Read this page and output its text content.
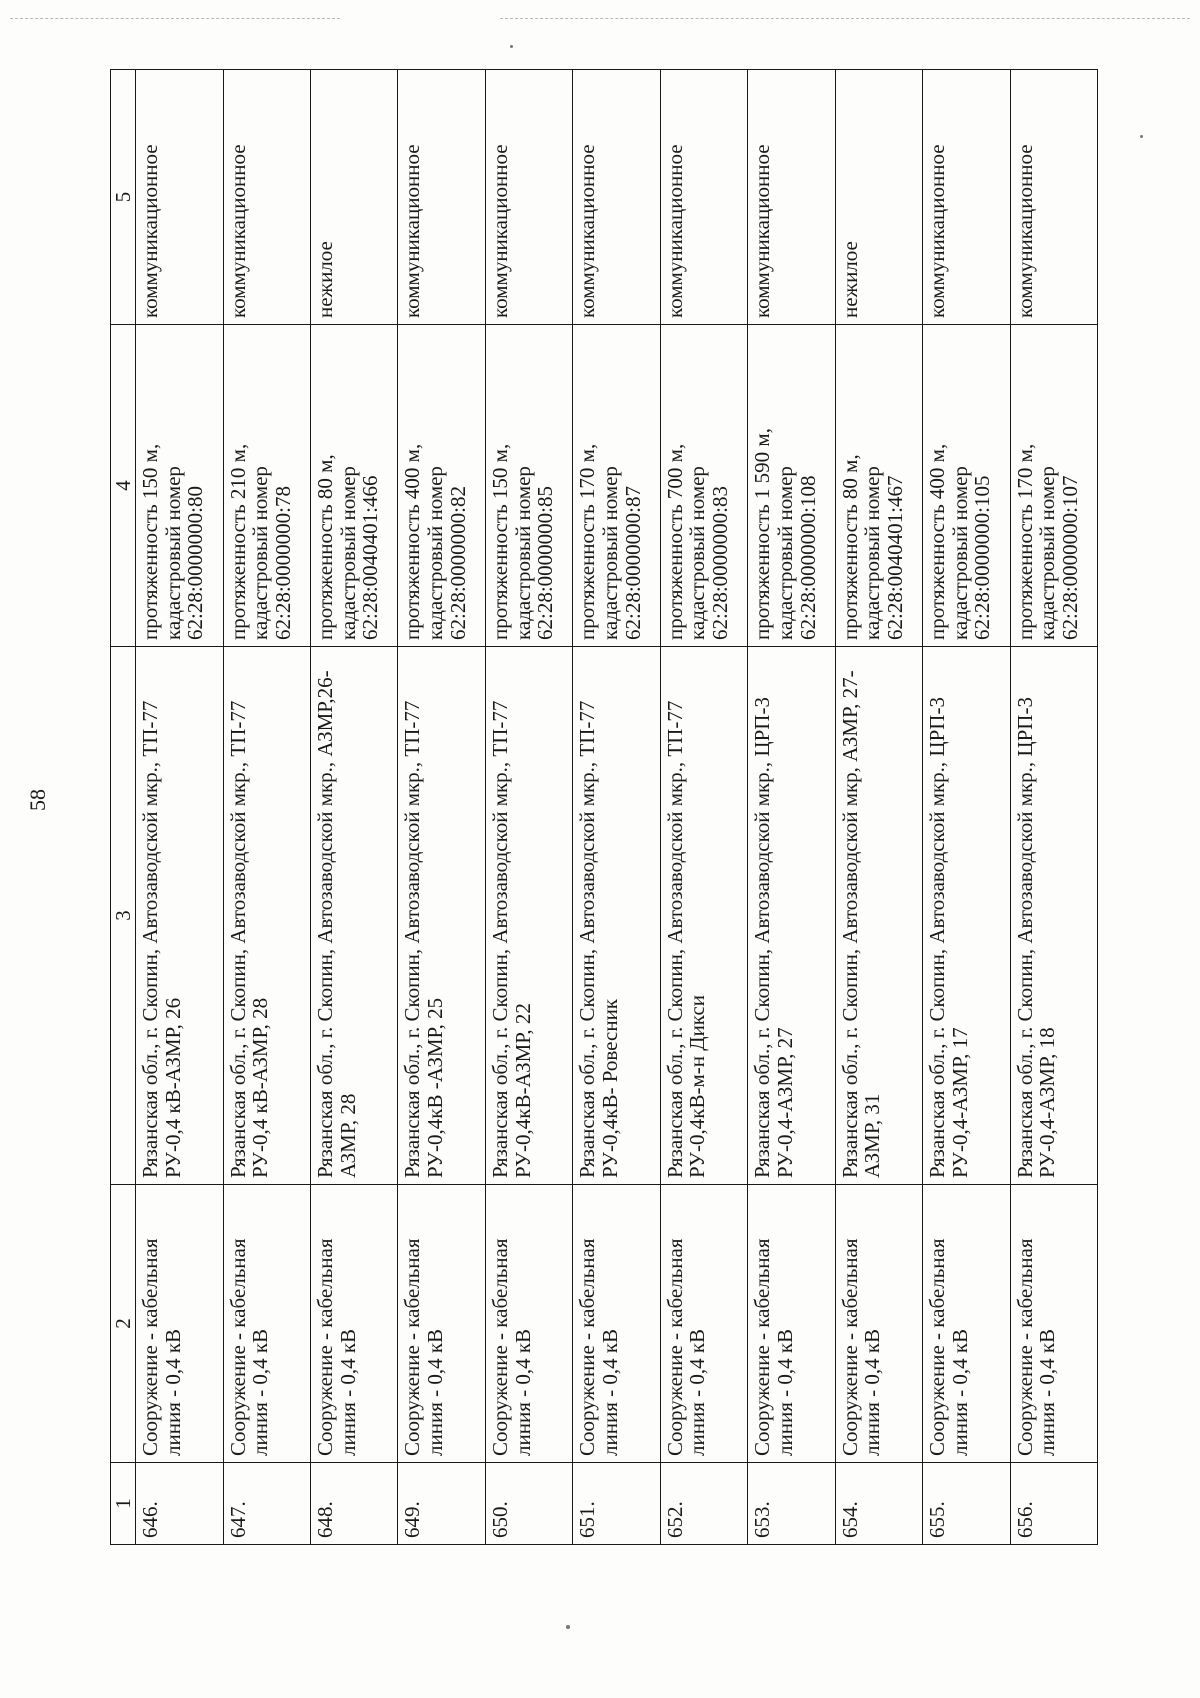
58
1	2	3	4	5
646.	Сооружение - кабельная линия - 0,4 кВ	Рязанская обл., г. Скопин, Автозаводской мкр., ТП-77 РУ-0,4 кВ-АЗМР, 26	протяженность 150 м,
кадастровый номер
62:28:0000000:80	коммуникационное
647.	Сооружение - кабельная линия - 0,4 кВ	Рязанская обл., г. Скопин, Автозаводской мкр., ТП-77 РУ-0,4 кВ-АЗМР, 28	протяженность 210 м,
кадастровый номер
62:28:0000000:78	коммуникационное
648.	Сооружение - кабельная линия - 0,4 кВ	Рязанская обл., г. Скопин, Автозаводской мкр., АЗМР,26-АЗМР, 28	протяженность 80 м,
кадастровый номер
62:28:0040401:466	нежилое
649.	Сооружение - кабельная линия - 0,4 кВ	Рязанская обл., г. Скопин, Автозаводской мкр., ТП-77 РУ-0,4кВ -АЗМР, 25	протяженность 400 м,
кадастровый номер
62:28:0000000:82	коммуникационное
650.	Сооружение - кабельная линия - 0,4 кВ	Рязанская обл., г. Скопин, Автозаводской мкр., ТП-77 РУ-0,4кВ-АЗМР, 22	протяженность 150 м,
кадастровый номер
62:28:0000000:85	коммуникационное
651.	Сооружение - кабельная линия - 0,4 кВ	Рязанская обл., г. Скопин, Автозаводской мкр., ТП-77 РУ-0,4кВ- Ровесник	протяженность 170 м,
кадастровый номер
62:28:0000000:87	коммуникационное
652.	Сооружение - кабельная линия - 0,4 кВ	Рязанская обл., г. Скопин, Автозаводской мкр., ТП-77 РУ-0,4кВ-м-н Дикси	протяженность 700 м,
кадастровый номер
62:28:0000000:83	коммуникационное
653.	Сооружение - кабельная линия - 0,4 кВ	Рязанская обл., г. Скопин, Автозаводской мкр., ЦРП-3 РУ-0,4-АЗМР, 27	протяженность 1 590 м,
кадастровый номер
62:28:0000000:108	коммуникационное
654.	Сооружение - кабельная линия - 0,4 кВ	Рязанская обл., г. Скопин, Автозаводской мкр, АЗМР, 27-АЗМР, 31	протяженность 80 м,
кадастровый номер
62:28:0040401:467	нежилое
655.	Сооружение - кабельная линия - 0,4 кВ	Рязанская обл., г. Скопин, Автозаводской мкр., ЦРП-3 РУ-0,4-АЗМР, 17	протяженность 400 м,
кадастровый номер
62:28:0000000:105	коммуникационное
656.	Сооружение - кабельная линия - 0,4 кВ	Рязанская обл., г. Скопин, Автозаводской мкр., ЦРП-3 РУ-0,4-АЗМР, 18	протяженность 170 м,
кадастровый номер
62:28:0000000:107	коммуникационное
